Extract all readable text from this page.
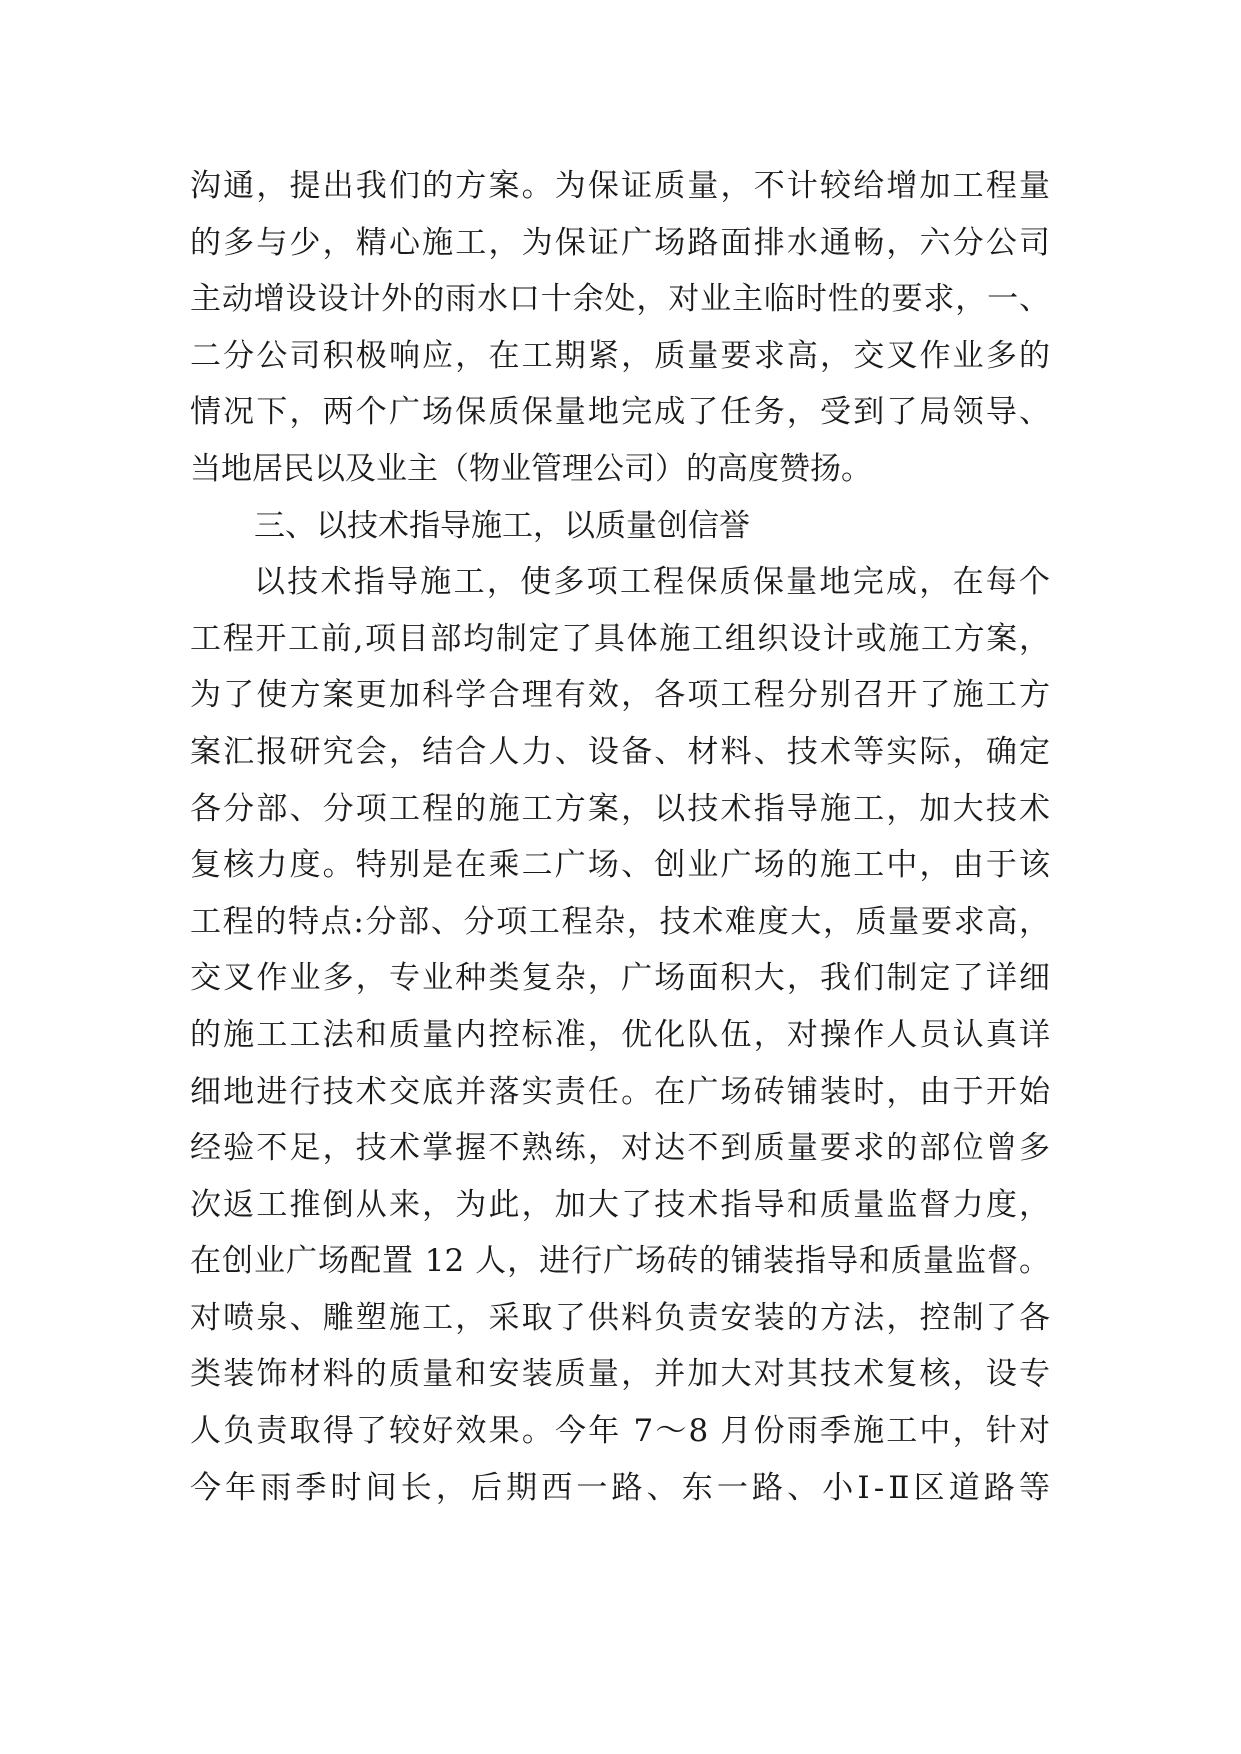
沟通，提出我们的方案。为保证质量，不计较给增加工程量
的多与少，精心施工，为保证广场路面排水通畅，六分公司
主动增设设计外的雨水口十余处，对业主临时性的要求，一、
二分公司积极响应，在工期紧，质量要求高，交叉作业多的
情况下，两个广场保质保量地完成了任务，受到了局领导、
当地居民以及业主（物业管理公司）的高度赞扬。
三、以技术指导施工，以质量创信誉
以技术指导施工，使多项工程保质保量地完成，在每个
工程开工前,项目部均制定了具体施工组织设计或施工方案，
为了使方案更加科学合理有效，各项工程分别召开了施工方
案汇报研究会，结合人力、设备、材料、技术等实际，确定
各分部、分项工程的施工方案，以技术指导施工，加大技术
复核力度。特别是在乘二广场、创业广场的施工中，由于该
工程的特点:分部、分项工程杂，技术难度大，质量要求高，
交叉作业多，专业种类复杂，广场面积大，我们制定了详细
的施工工法和质量内控标准，优化队伍，对操作人员认真详
细地进行技术交底并落实责任。在广场砖铺装时，由于开始
经验不足，技术掌握不熟练，对达不到质量要求的部位曾多
次返工推倒从来，为此，加大了技术指导和质量监督力度，
在创业广场配置 12 人，进行广场砖的铺装指导和质量监督。
对喷泉、雕塑施工，采取了供料负责安装的方法，控制了各
类装饰材料的质量和安装质量，并加大对其技术复核，设专
人负责取得了较好效果。今年 7～8 月份雨季施工中，针对
今年雨季时间长，后期西一路、东一路、小Ⅰ-Ⅱ区道路等
